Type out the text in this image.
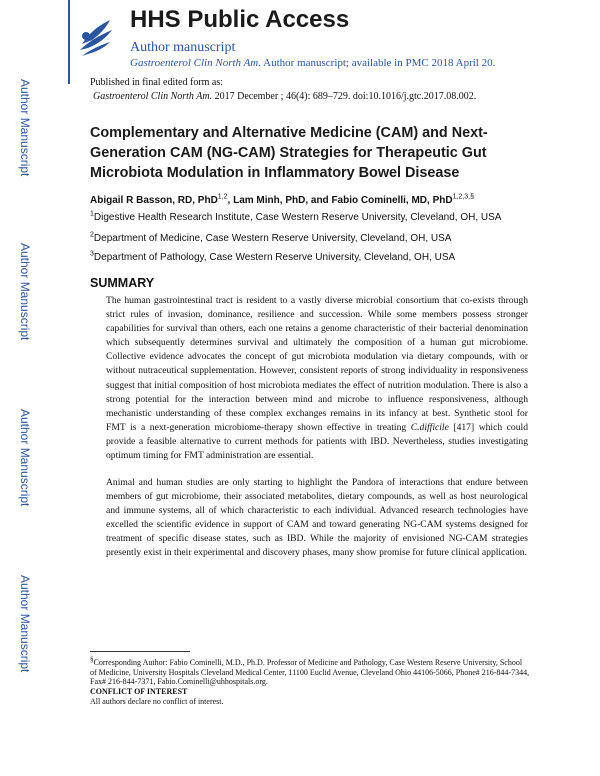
HHS Public Access
Author manuscript
Gastroenterol Clin North Am. Author manuscript; available in PMC 2018 April 20.
Author Manuscript
Author Manuscript
Author Manuscript
Author Manuscript
Published in final edited form as:
Gastroenterol Clin North Am. 2017 December ; 46(4): 689–729. doi:10.1016/j.gtc.2017.08.002.
Complementary and Alternative Medicine (CAM) and Next-Generation CAM (NG-CAM) Strategies for Therapeutic Gut Microbiota Modulation in Inflammatory Bowel Disease
Abigail R Basson, RD, PhD$^{1,2}$, Lam Minh, PhD, and Fabio Cominelli, MD, PhD$^{1,2,3,\S}$
$^1$Digestive Health Research Institute, Case Western Reserve University, Cleveland, OH, USA
$^2$Department of Medicine, Case Western Reserve University, Cleveland, OH, USA
$^3$Department of Pathology, Case Western Reserve University, Cleveland, OH, USA
SUMMARY
The human gastrointestinal tract is resident to a vastly diverse microbial consortium that co-exists through strict rules of invasion, dominance, resilience and succession. While some members possess stronger capabilities for survival than others, each one retains a genome characteristic of their bacterial denomination which subsequently determines survival and ultimately the composition of a human gut microbiome. Collective evidence advocates the concept of gut microbiota modulation via dietary compounds, with or without nutraceutical supplementation. However, consistent reports of strong individuality in responsiveness suggest that initial composition of host microbiota mediates the effect of nutrition modulation. There is also a strong potential for the interaction between mind and microbe to influence responsiveness, although mechanistic understanding of these complex exchanges remains in its infancy at best. Synthetic stool for FMT is a next-generation microbiome-therapy shown effective in treating C.difficile [417] which could provide a feasible alternative to current methods for patients with IBD. Nevertheless, studies investigating optimum timing for FMT administration are essential.
Animal and human studies are only starting to highlight the Pandora of interactions that endure between members of gut microbiome, their associated metabolites, dietary compounds, as well as host neurological and immune systems, all of which characteristic to each individual. Advanced research technologies have excelled the scientific evidence in support of CAM and toward generating NG-CAM systems designed for treatment of specific disease states, such as IBD. While the majority of envisioned NG-CAM strategies presently exist in their experimental and discovery phases, many show promise for future clinical application.
§Corresponding Author: Fabio Cominelli, M.D., Ph.D. Professor of Medicine and Pathology, Case Western Reserve University, School of Medicine, University Hospitals Cleveland Medical Center, 11100 Euclid Avenue, Cleveland Ohio 44106-5066, Phone# 216-844-7344, Fax# 216-844-7371, Fabio.Cominelli@uhhospitals.org.
CONFLICT OF INTEREST
All authors declare no conflict of interest.
